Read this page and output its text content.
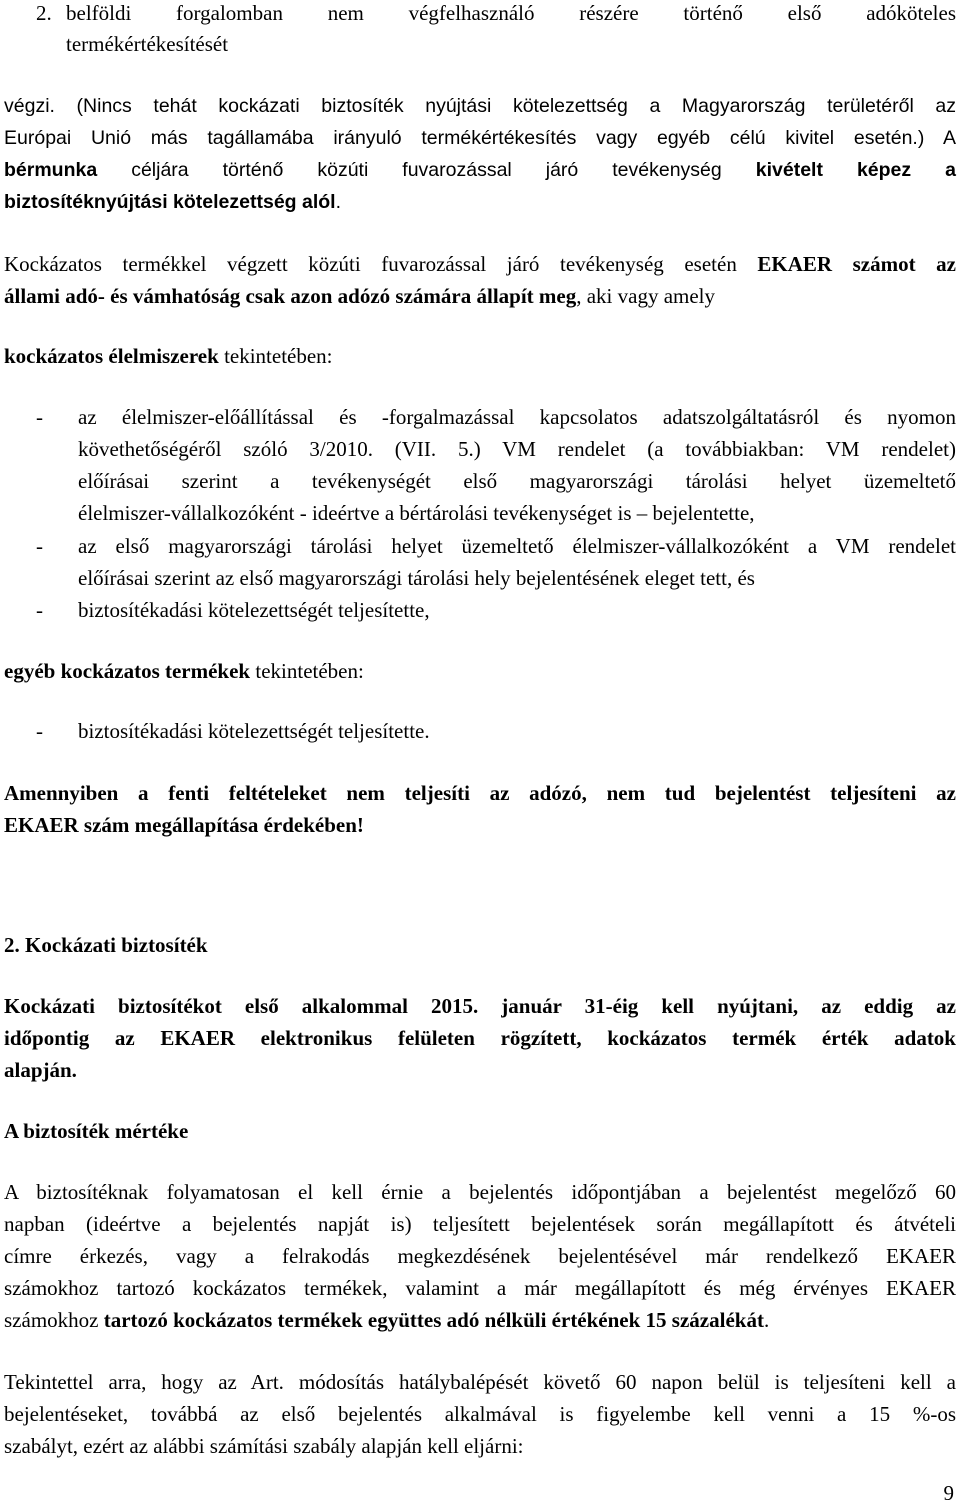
2. belföldi forgalomban nem végfelhasználó részére történő első adóköteles
termékértékesítését
végzi. (Nincs tehát kockázati biztosíték nyújtási kötelezettség a Magyarország területéről az
Európai Unió más tagállamába irányuló termékértékesítés vagy egyéb célú kivitel esetén.) A
bérmunka céljára történő közúti fuvarozással járó tevékenység kivételt képez a
biztosítéknyújtási kötelezettség alól.
Kockázatos termékkel végzett közúti fuvarozással járó tevékenység esetén EKAER számot az
állami adó- és vámhatóság csak azon adózó számára állapít meg, aki vagy amely
kockázatos élelmiszerek tekintetében:
-	az élelmiszer-előállítással és -forgalmazással kapcsolatos adatszolgáltatásról és nyomon
követhetőségéről szóló 3/2010. (VII. 5.) VM rendelet (a továbbiakban: VM rendelet)
előírásai szerint a tevékenységét első magyarországi tárolási helyet üzemeltető
élelmiszer-vállalkozóként - ideértve a bértárolási tevékenységet is – bejelentette,
-	az első magyarországi tárolási helyet üzemeltető élelmiszer-vállalkozóként a VM rendelet
előírásai szerint az első magyarországi tárolási hely bejelentésének eleget tett, és
-	biztosítékadási kötelezettségét teljesítette,
egyéb kockázatos termékek tekintetében:
-	biztosítékadási kötelezettségét teljesítette.
Amennyiben a fenti feltételeket nem teljesíti az adózó, nem tud bejelentést teljesíteni az
EKAER szám megállapítása érdekében!
2. Kockázati biztosíték
Kockázati biztosítékot első alkalommal 2015. január 31-éig kell nyújtani, az eddig az
időpontig az EKAER elektronikus felületen rögzített, kockázatos termék érték adatok
alapján.
A biztosíték mértéke
A biztosítéknak folyamatosan el kell érnie a bejelentés időpontjában a bejelentést megelőző 60
napban (ideértve a bejelentés napját is) teljesített bejelentések során megállapított és átvételi
címre érkezés, vagy a felrakodás megkezdésének bejelentésével már rendelkező EKAER
számokhoz tartozó kockázatos termékek, valamint a már megállapított és még érvényes EKAER
számokhoz tartozó kockázatos termékek együttes adó nélküli értékének 15 százalékát.
Tekintettel arra, hogy az Art. módosítás hatálybalépését követő 60 napon belül is teljesíteni kell a
bejelentéseket, továbbá az első bejelentés alkalmával is figyelembe kell venni a 15 %-os
szabályt, ezért az alábbi számítási szabály alapján kell eljárni:
9
